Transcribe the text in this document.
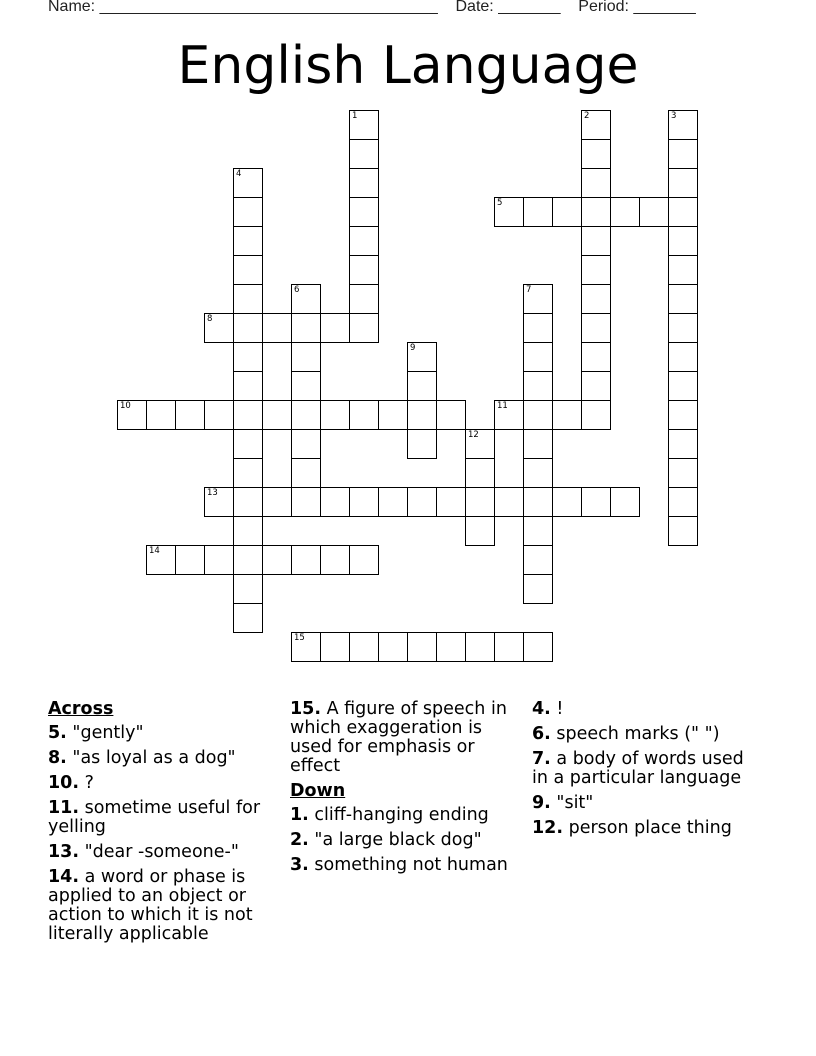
Name: ______________________________________ Date: _______ Period: _______
English Language
1	2	3
4
5
6	7
8
9
10	11
12
13
14
15
Across
5. "gently"
8. "as loyal as a dog"
10. ?
11. sometime useful for yelling
13. "dear -someone-"
14. a word or phase is applied to an object or action to which it is not literally applicable
15. A figure of speech in which exaggeration is used for emphasis or effect
Down
1. cliff-hanging ending
2. "a large black dog"
3. something not human
4. !
6. speech marks (" ")
7. a body of words used in a particular language
9. "sit"
12. person place thing
